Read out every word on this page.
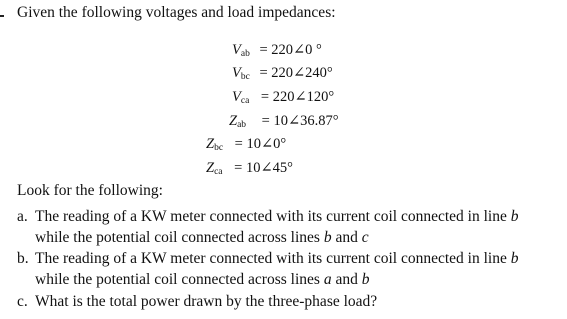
Given the following voltages and load impedances:
$V_{ab}$ = 220∠0 °
$V_{bc}$ = 220∠240°
$V_{ca}$ = 220∠120°
$Z_{ab}$ = 10∠36.87°
$Z_{bc}$ = 10∠0°
$Z_{ca}$ = 10∠45°
Look for the following:
a. The reading of a KW meter connected with its current coil connected in line b
while the potential coil connected across lines b and c
b. The reading of a KW meter connected with its current coil connected in line b
while the potential coil connected across lines a and b
c. What is the total power drawn by the three-phase load?
